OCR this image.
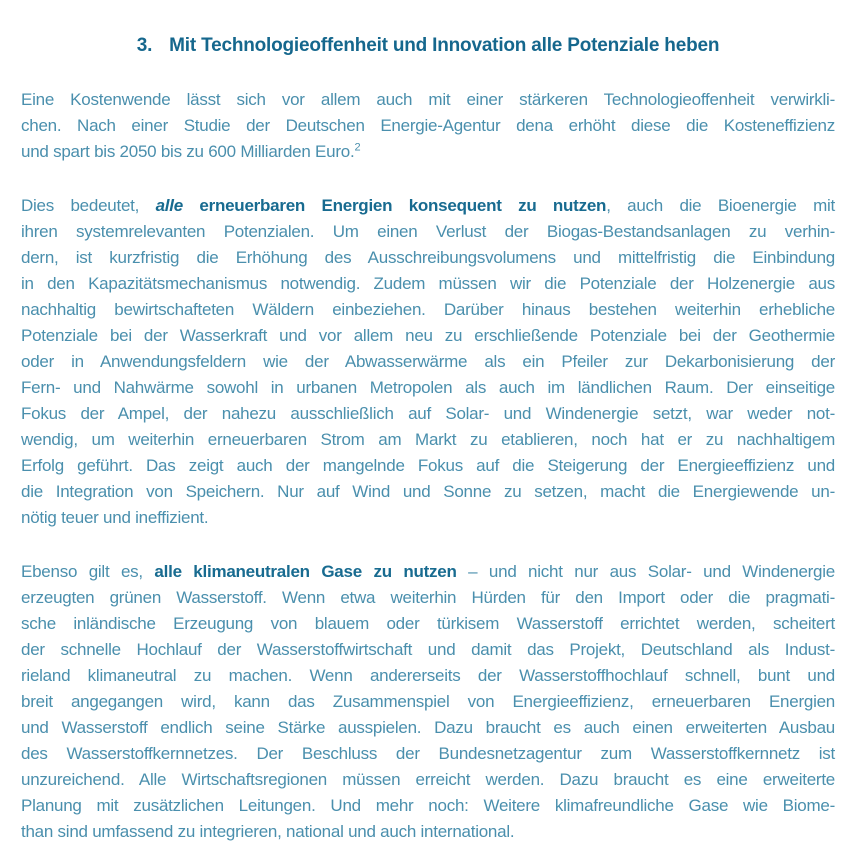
3. Mit Technologieoffenheit und Innovation alle Potenziale heben
Eine Kostenwende lässt sich vor allem auch mit einer stärkeren Technologieoffenheit verwirkli-
chen. Nach einer Studie der Deutschen Energie-Agentur dena erhöht diese die Kosteneffizienz
und spart bis 2050 bis zu 600 Milliarden Euro.$^2$
Dies bedeutet, alle erneuerbaren Energien konsequent zu nutzen, auch die Bioenergie mit
ihren systemrelevanten Potenzialen. Um einen Verlust der Biogas-Bestandsanlagen zu verhin-
dern, ist kurzfristig die Erhöhung des Ausschreibungsvolumens und mittelfristig die Einbindung
in den Kapazitätsmechanismus notwendig. Zudem müssen wir die Potenziale der Holzenergie aus
nachhaltig bewirtschafteten Wäldern einbeziehen. Darüber hinaus bestehen weiterhin erhebliche
Potenziale bei der Wasserkraft und vor allem neu zu erschließende Potenziale bei der Geothermie
oder in Anwendungsfeldern wie der Abwasserwärme als ein Pfeiler zur Dekarbonisierung der
Fern- und Nahwärme sowohl in urbanen Metropolen als auch im ländlichen Raum. Der einseitige
Fokus der Ampel, der nahezu ausschließlich auf Solar- und Windenergie setzt, war weder not-
wendig, um weiterhin erneuerbaren Strom am Markt zu etablieren, noch hat er zu nachhaltigem
Erfolg geführt. Das zeigt auch der mangelnde Fokus auf die Steigerung der Energieeffizienz und
die Integration von Speichern. Nur auf Wind und Sonne zu setzen, macht die Energiewende un-
nötig teuer und ineffizient.
Ebenso gilt es, alle klimaneutralen Gase zu nutzen – und nicht nur aus Solar- und Windenergie
erzeugten grünen Wasserstoff. Wenn etwa weiterhin Hürden für den Import oder die pragmati-
sche inländische Erzeugung von blauem oder türkisem Wasserstoff errichtet werden, scheitert
der schnelle Hochlauf der Wasserstoffwirtschaft und damit das Projekt, Deutschland als Indust-
rieland klimaneutral zu machen. Wenn andererseits der Wasserstoffhochlauf schnell, bunt und
breit angegangen wird, kann das Zusammenspiel von Energieeffizienz, erneuerbaren Energien
und Wasserstoff endlich seine Stärke ausspielen. Dazu braucht es auch einen erweiterten Ausbau
des Wasserstoffkernnetzes. Der Beschluss der Bundesnetzagentur zum Wasserstoffkernnetz ist
unzureichend. Alle Wirtschaftsregionen müssen erreicht werden. Dazu braucht es eine erweiterte
Planung mit zusätzlichen Leitungen. Und mehr noch: Weitere klimafreundliche Gase wie Biome-
than sind umfassend zu integrieren, national und auch international.
